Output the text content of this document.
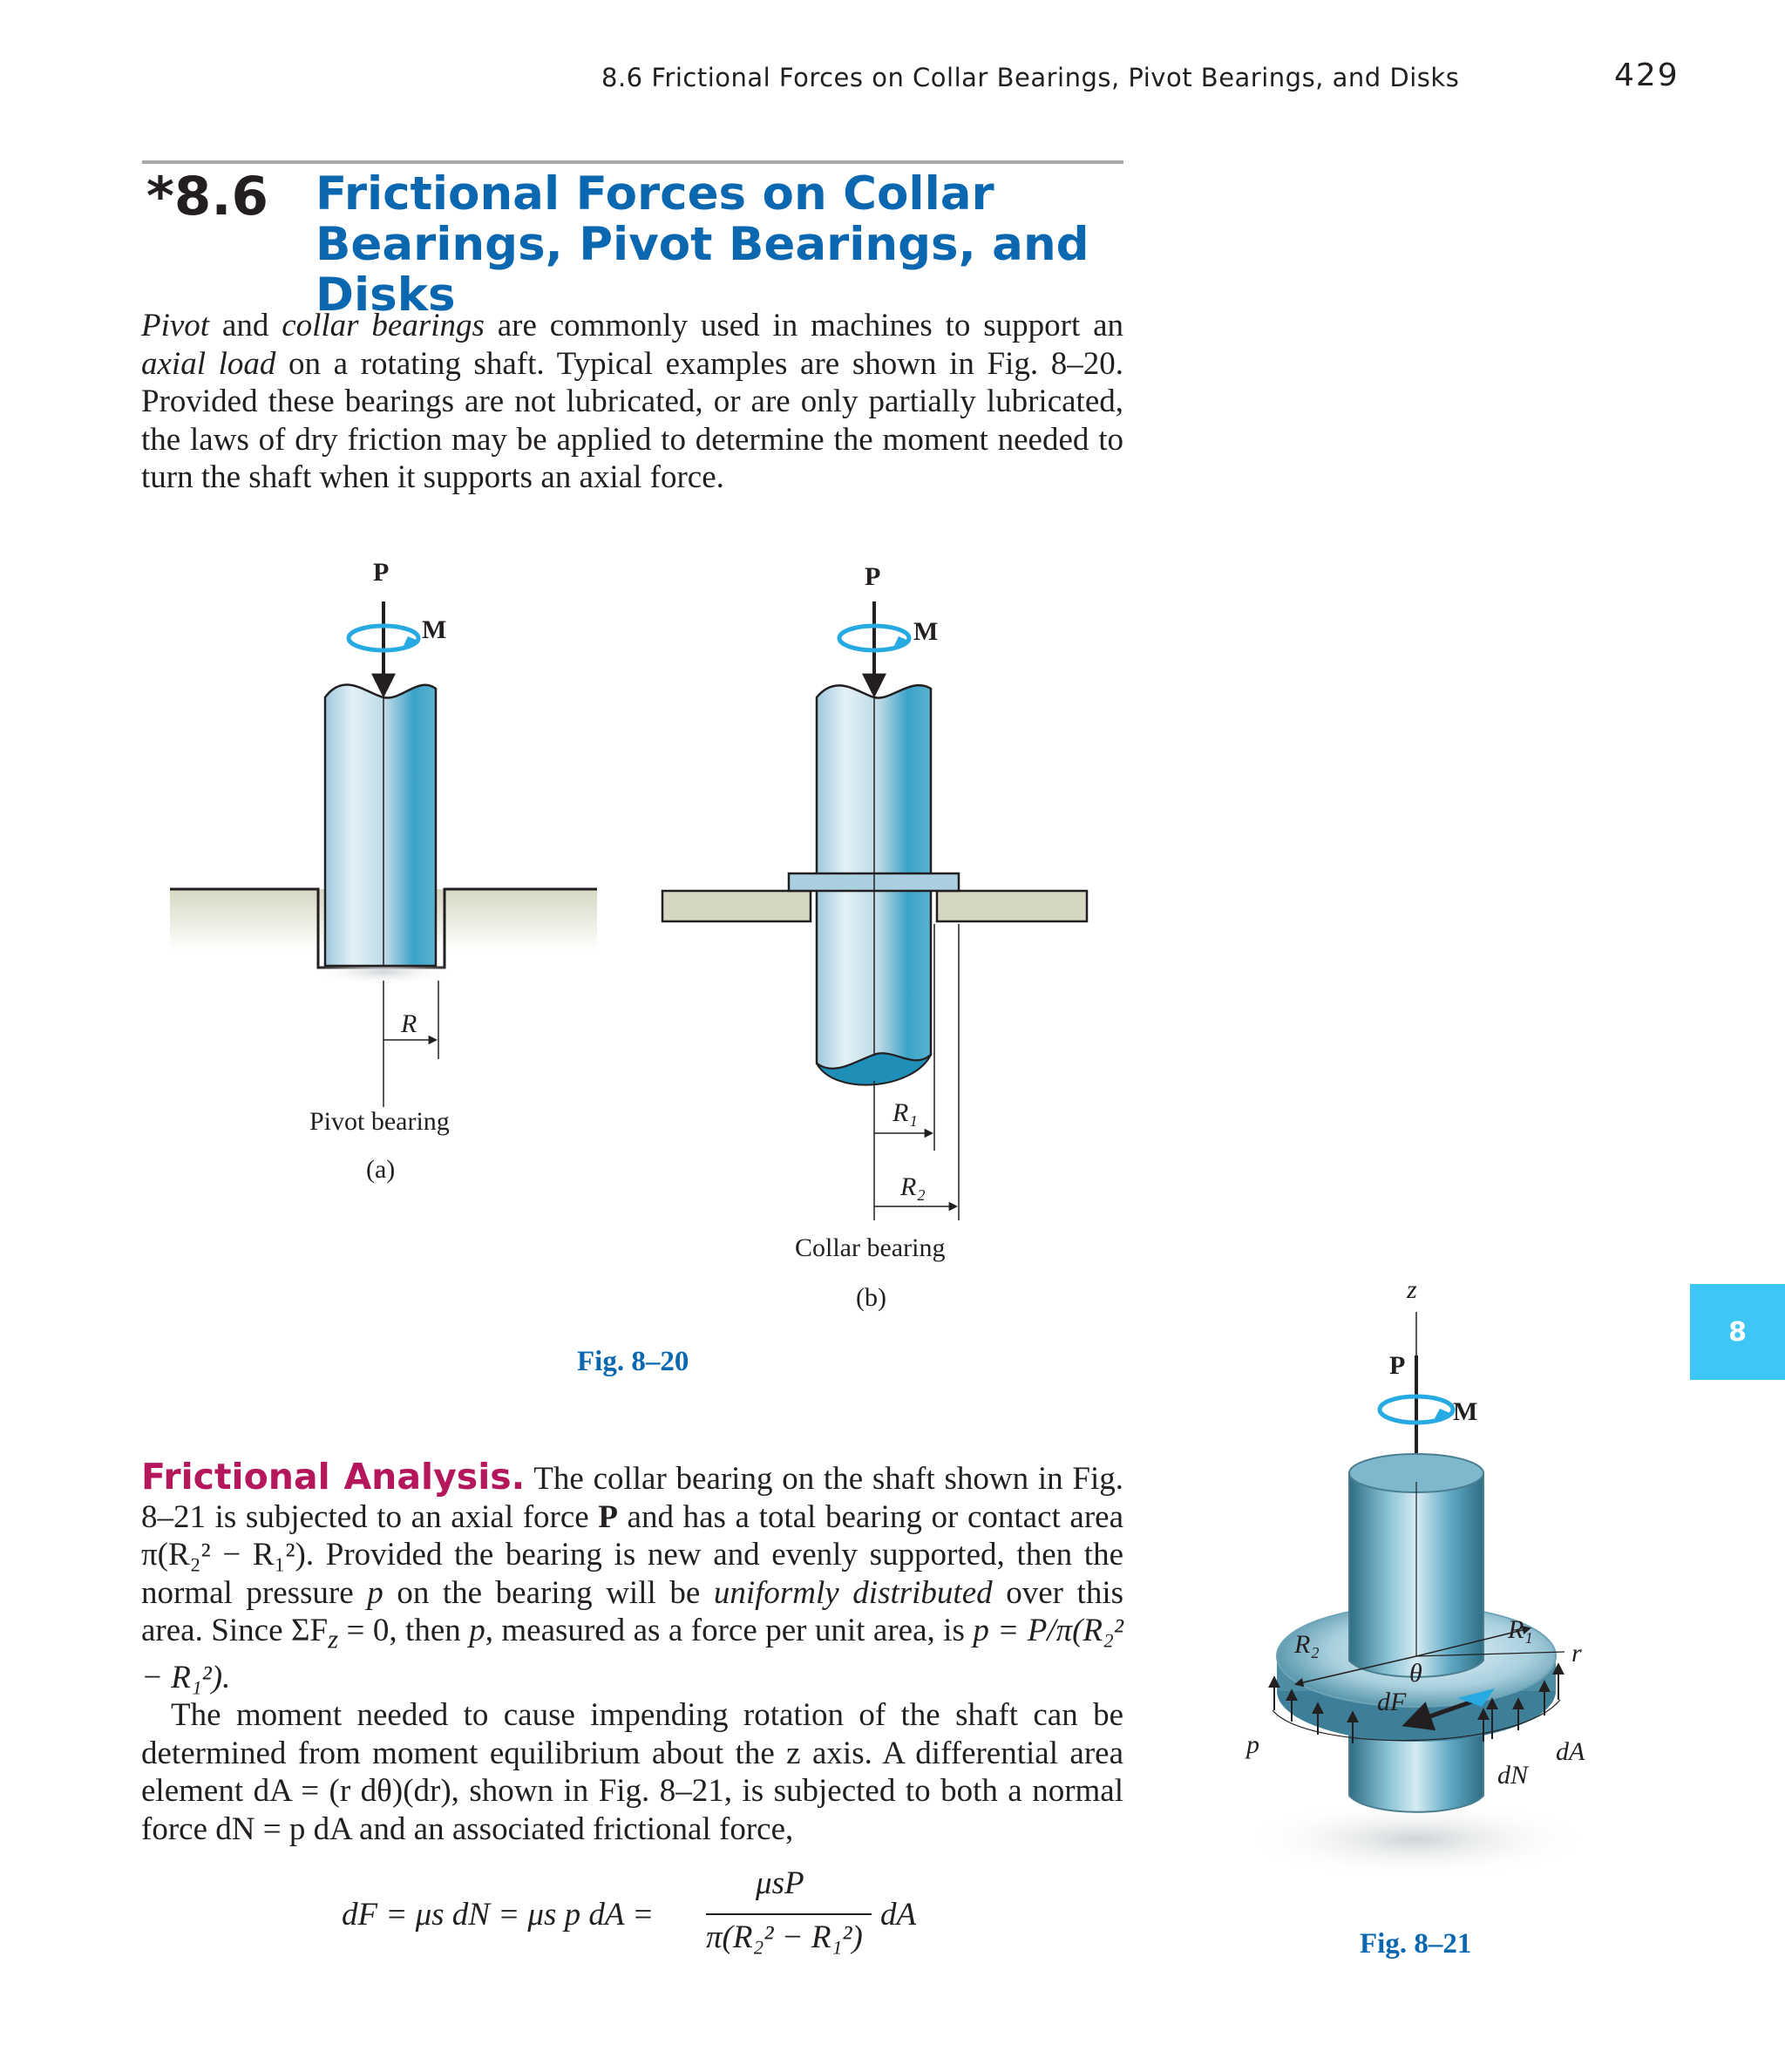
8.6 Frictional Forces on Collar Bearings, Pivot Bearings, and Disks	429
*8.6 Frictional Forces on Collar Bearings, Pivot Bearings, and Disks
Pivot and collar bearings are commonly used in machines to support an axial load on a rotating shaft. Typical examples are shown in Fig. 8–20. Provided these bearings are not lubricated, or are only partially lubricated, the laws of dry friction may be applied to determine the moment needed to turn the shaft when it supports an axial force.
P
M
R
Pivot bearing
(a)
P
M
R₁
R₂
Collar bearing
(b)
Fig. 8–20
8
Frictional Analysis. The collar bearing on the shaft shown in Fig. 8–21 is subjected to an axial force P and has a total bearing or contact area π(R₂² − R₁²). Provided the bearing is new and evenly supported, then the normal pressure p on the bearing will be uniformly distributed over this area. Since $\Sigma F_z = 0$, then p, measured as a force per unit area, is p = P/π(R₂² − R₁²).
The moment needed to cause impending rotation of the shaft can be determined from moment equilibrium about the z axis. A differential area element dA = (r dθ)(dr), shown in Fig. 8–21, is subjected to both a normal force dN = p dA and an associated frictional force,
dF = μs dN = μs p dA =
μsP
π(R₂² − R₁²)
dA
z
P
M
R₁
R₂	r
θ
dF
p	dA
dN
Fig. 8–21
